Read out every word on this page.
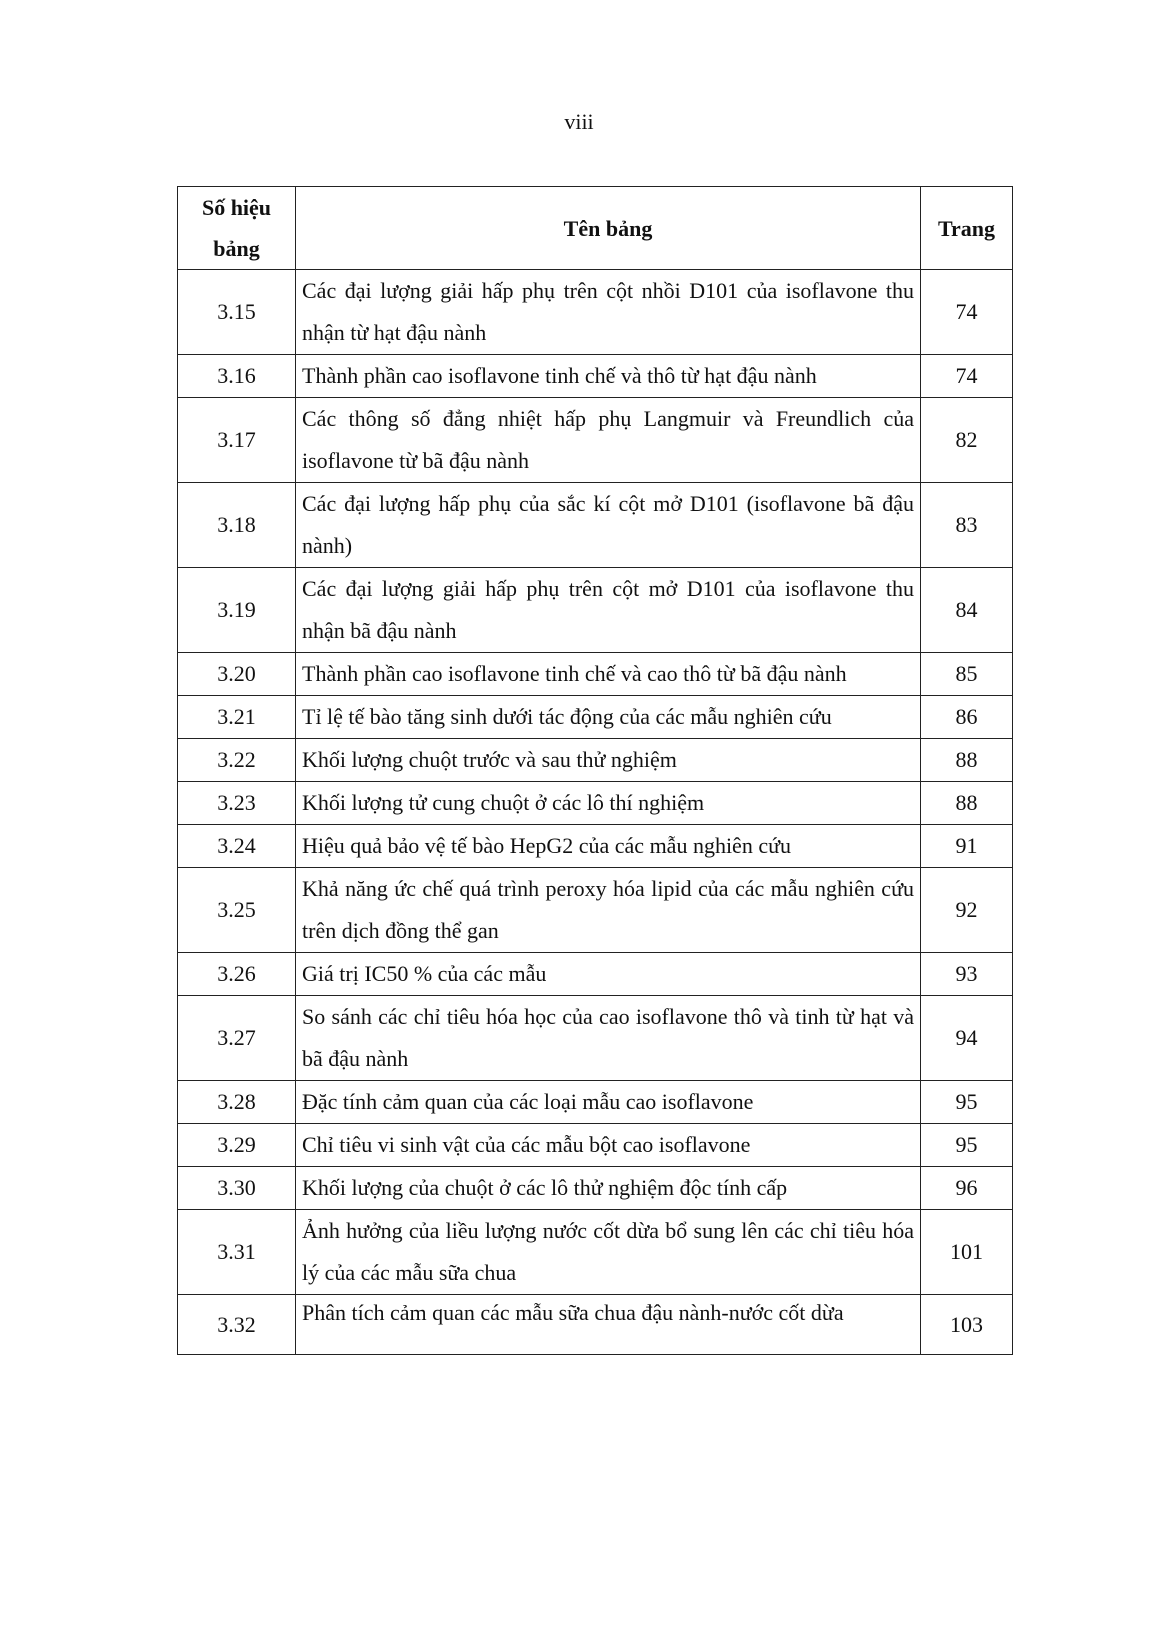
viii
Số hiệu bảng	Tên bảng	Trang
3.15	Các đại lượng giải hấp phụ trên cột nhồi D101 của isoflavone thu nhận từ hạt đậu nành	74
3.16	Thành phần cao isoflavone tinh chế và thô từ hạt đậu nành	74
3.17	Các thông số đẳng nhiệt hấp phụ Langmuir và Freundlich của isoflavone từ bã đậu nành	82
3.18	Các đại lượng hấp phụ của sắc kí cột mở D101 (isoflavone bã đậu nành)	83
3.19	Các đại lượng giải hấp phụ trên cột mở D101 của isoflavone thu nhận bã đậu nành	84
3.20	Thành phần cao isoflavone tinh chế và cao thô từ bã đậu nành	85
3.21	Tỉ lệ tế bào tăng sinh dưới tác động của các mẫu nghiên cứu	86
3.22	Khối lượng chuột trước và sau thử nghiệm	88
3.23	Khối lượng tử cung chuột ở các lô thí nghiệm	88
3.24	Hiệu quả bảo vệ tế bào HepG2 của các mẫu nghiên cứu	91
3.25	Khả năng ức chế quá trình peroxy hóa lipid của các mẫu nghiên cứu trên dịch đồng thể gan	92
3.26	Giá trị IC50 % của các mẫu	93
3.27	So sánh các chỉ tiêu hóa học của cao isoflavone thô và tinh từ hạt và bã đậu nành	94
3.28	Đặc tính cảm quan của các loại mẫu cao isoflavone	95
3.29	Chỉ tiêu vi sinh vật của các mẫu bột cao isoflavone	95
3.30	Khối lượng của chuột ở các lô thử nghiệm độc tính cấp	96
3.31	Ảnh hưởng của liều lượng nước cốt dừa bổ sung lên các chỉ tiêu hóa lý của các mẫu sữa chua	101
3.32	Phân tích cảm quan các mẫu sữa chua đậu nành-nước cốt dừa	103
